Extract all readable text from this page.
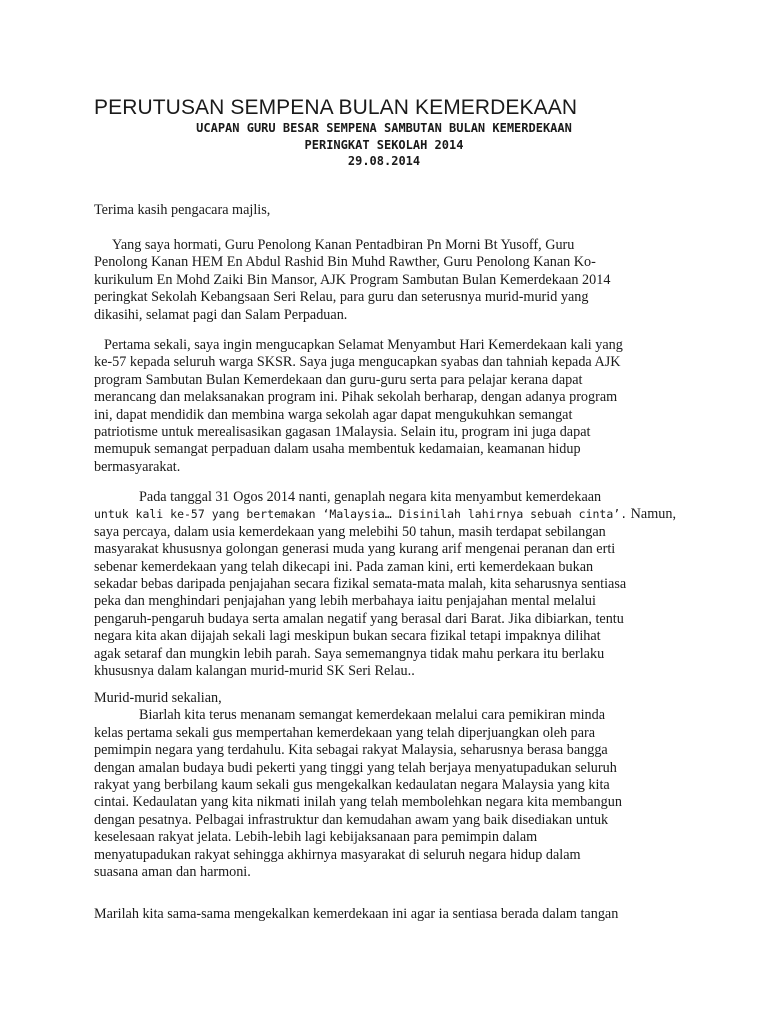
PERUTUSAN SEMPENA BULAN KEMERDEKAAN
UCAPAN GURU BESAR SEMPENA SAMBUTAN BULAN KEMERDEKAAN
PERINGKAT SEKOLAH 2014
29.08.2014
Terima kasih pengacara majlis,
Yang saya hormati, Guru Penolong Kanan Pentadbiran Pn Morni Bt Yusoff, Guru
Penolong Kanan HEM En Abdul Rashid Bin Muhd Rawther, Guru Penolong Kanan Ko-
kurikulum En Mohd Zaiki Bin Mansor, AJK Program Sambutan Bulan Kemerdekaan 2014
peringkat Sekolah Kebangsaan Seri Relau, para guru dan seterusnya murid-murid yang
dikasihi, selamat pagi dan Salam Perpaduan.
Pertama sekali, saya ingin mengucapkan Selamat Menyambut Hari Kemerdekaan kali yang
ke-57 kepada seluruh warga SKSR. Saya juga mengucapkan syabas dan tahniah kepada AJK
program Sambutan Bulan Kemerdekaan dan guru-guru serta para pelajar kerana dapat
merancang dan melaksanakan program ini. Pihak sekolah berharap, dengan adanya program
ini, dapat mendidik dan membina warga sekolah agar dapat mengukuhkan semangat
patriotisme untuk merealisasikan gagasan 1Malaysia. Selain itu, program ini juga dapat
memupuk semangat perpaduan dalam usaha membentuk kedamaian, keamanan hidup
bermasyarakat.
Pada tanggal 31 Ogos 2014 nanti, genaplah negara kita menyambut kemerdekaan
untuk kali ke-57 yang bertemakan ‘Malaysia… Disinilah lahirnya sebuah cinta’. Namun,
saya percaya, dalam usia kemerdekaan yang melebihi 50 tahun, masih terdapat sebilangan
masyarakat khususnya golongan generasi muda yang kurang arif mengenai peranan dan erti
sebenar kemerdekaan yang telah dikecapi ini. Pada zaman kini, erti kemerdekaan bukan
sekadar bebas daripada penjajahan secara fizikal semata-mata malah, kita seharusnya sentiasa
peka dan menghindari penjajahan yang lebih merbahaya iaitu penjajahan mental melalui
pengaruh-pengaruh budaya serta amalan negatif yang berasal dari Barat. Jika dibiarkan, tentu
negara kita akan dijajah sekali lagi meskipun bukan secara fizikal tetapi impaknya dilihat
agak setaraf dan mungkin lebih parah. Saya sememangnya tidak mahu perkara itu berlaku
khususnya dalam kalangan murid-murid SK Seri Relau..
Murid-murid sekalian,
Biarlah kita terus menanam semangat kemerdekaan melalui cara pemikiran minda
kelas pertama sekali gus mempertahan kemerdekaan yang telah diperjuangkan oleh para
pemimpin negara yang terdahulu. Kita sebagai rakyat Malaysia, seharusnya berasa bangga
dengan amalan budaya budi pekerti yang tinggi yang telah berjaya menyatupadukan seluruh
rakyat yang berbilang kaum sekali gus mengekalkan kedaulatan negara Malaysia yang kita
cintai. Kedaulatan yang kita nikmati inilah yang telah membolehkan negara kita membangun
dengan pesatnya. Pelbagai infrastruktur dan kemudahan awam yang baik disediakan untuk
keselesaan rakyat jelata. Lebih-lebih lagi kebijaksanaan para pemimpin dalam
menyatupadukan rakyat sehingga akhirnya masyarakat di seluruh negara hidup dalam
suasana aman dan harmoni.
Marilah kita sama-sama mengekalkan kemerdekaan ini agar ia sentiasa berada dalam tangan
